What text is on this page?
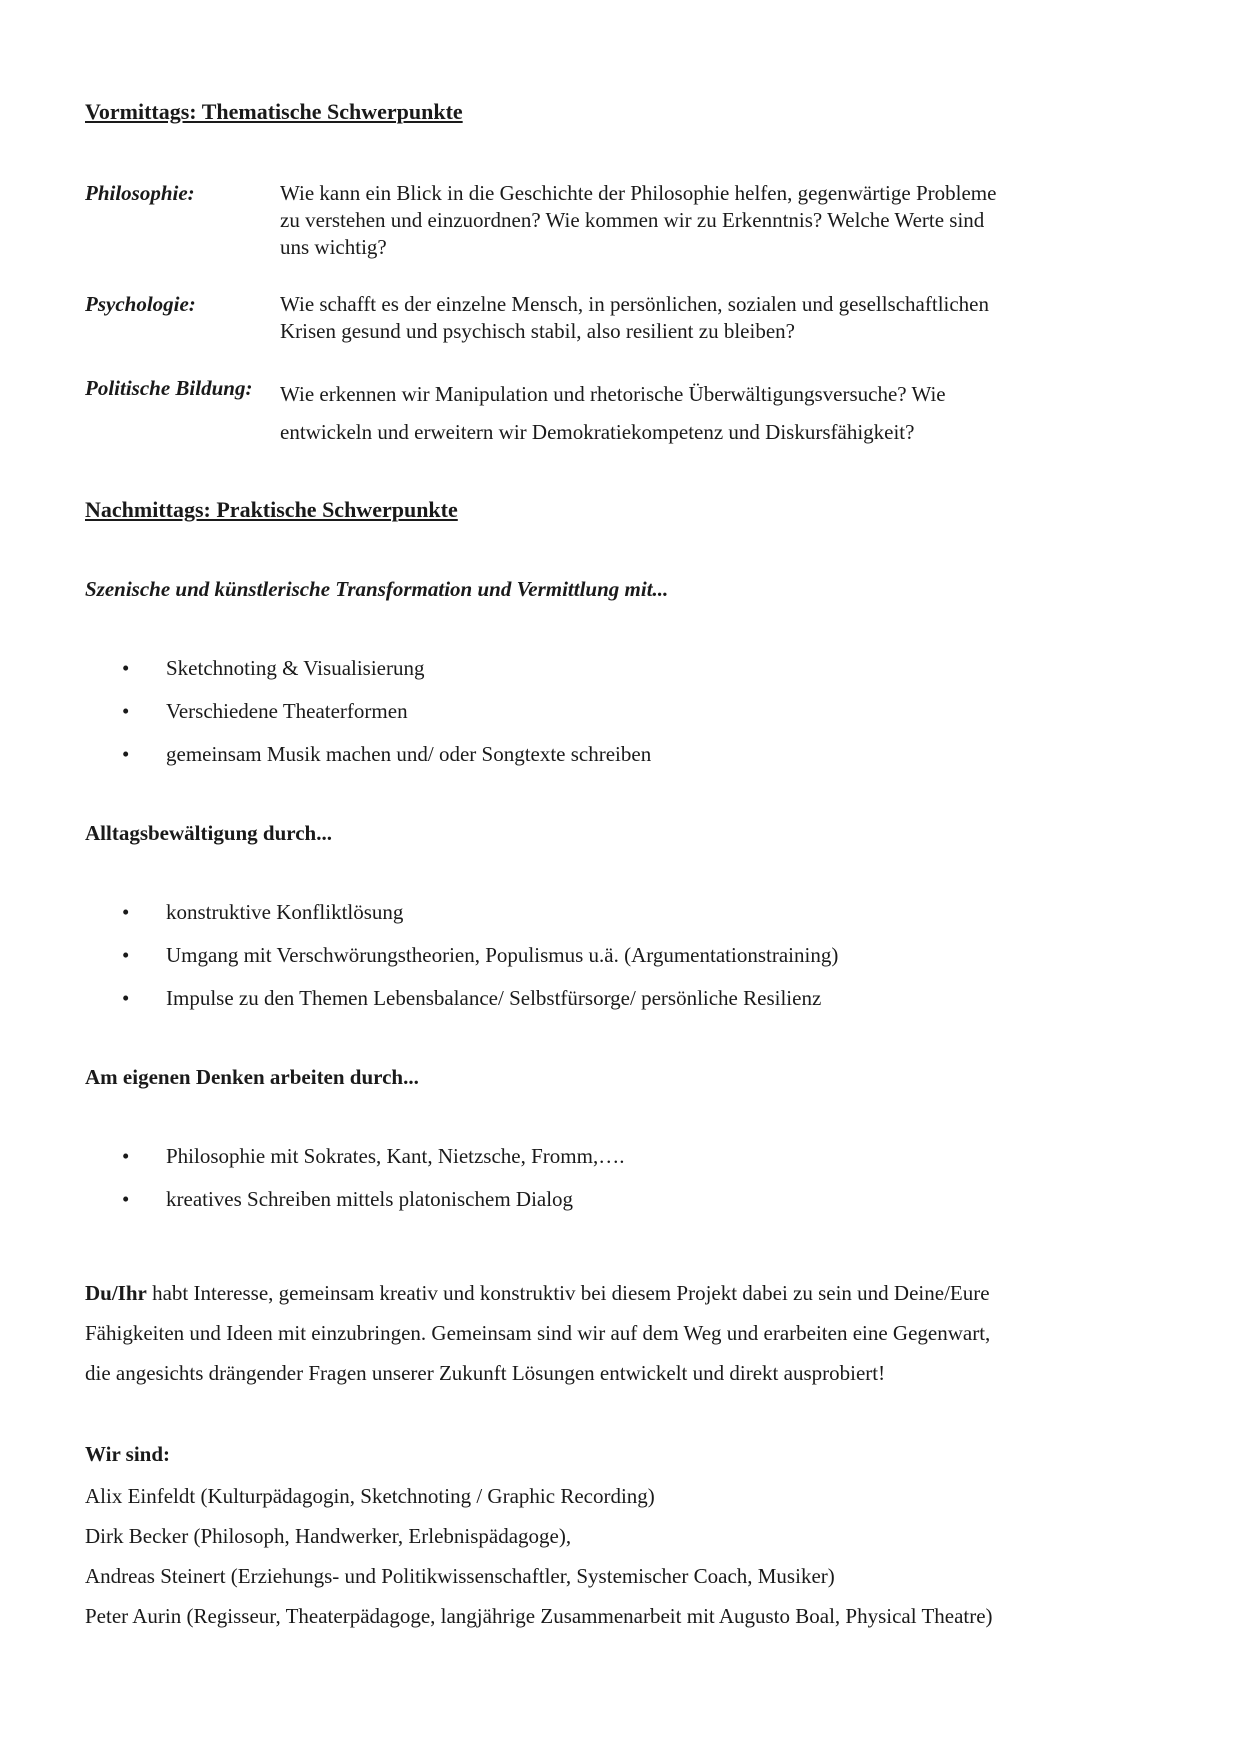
Vormittags: Thematische Schwerpunkte
Philosophie:	Wie kann ein Blick in die Geschichte der Philosophie helfen, gegenwärtige Probleme
zu verstehen und einzuordnen? Wie kommen wir zu Erkenntnis? Welche Werte sind
uns wichtig?
Psychologie:	Wie schafft es der einzelne Mensch, in persönlichen, sozialen und gesellschaftlichen
Krisen gesund und psychisch stabil, also resilient zu bleiben?
Politische Bildung:	Wie erkennen wir Manipulation und rhetorische Überwältigungsversuche? Wie
entwickeln und erweitern wir Demokratiekompetenz und Diskursfähigkeit?
Nachmittags: Praktische Schwerpunkte
Szenische und künstlerische Transformation und Vermittlung mit...
• Sketchnoting & Visualisierung
• Verschiedene Theaterformen
• gemeinsam Musik machen und/ oder Songtexte schreiben
Alltagsbewältigung durch...
• konstruktive Konfliktlösung
• Umgang mit Verschwörungstheorien, Populismus u.ä. (Argumentationstraining)
• Impulse zu den Themen Lebensbalance/ Selbstfürsorge/ persönliche Resilienz
Am eigenen Denken arbeiten durch...
• Philosophie mit Sokrates, Kant, Nietzsche, Fromm,….
• kreatives Schreiben mittels platonischem Dialog
Du/Ihr habt Interesse, gemeinsam kreativ und konstruktiv bei diesem Projekt dabei zu sein und Deine/Eure
Fähigkeiten und Ideen mit einzubringen. Gemeinsam sind wir auf dem Weg und erarbeiten eine Gegenwart,
die angesichts drängender Fragen unserer Zukunft Lösungen entwickelt und direkt ausprobiert!
Wir sind:
Alix Einfeldt (Kulturpädagogin, Sketchnoting / Graphic Recording)
Dirk Becker (Philosoph, Handwerker, Erlebnispädagoge),
Andreas Steinert (Erziehungs- und Politikwissenschaftler, Systemischer Coach, Musiker)
Peter Aurin (Regisseur, Theaterpädagoge, langjährige Zusammenarbeit mit Augusto Boal, Physical Theatre)
